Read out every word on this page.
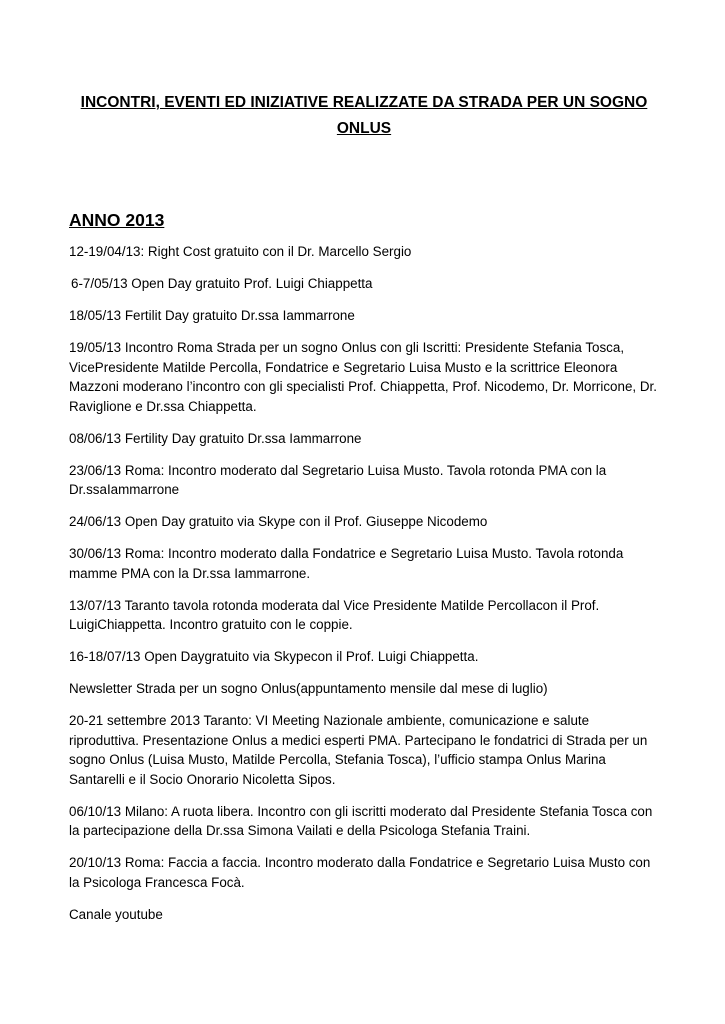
INCONTRI, EVENTI ED INIZIATIVE REALIZZATE DA STRADA PER UN SOGNO ONLUS
ANNO 2013

12-19/04/13: Right Cost gratuito con il Dr. Marcello Sergio

6-7/05/13 Open Day gratuito Prof. Luigi Chiappetta

18/05/13 Fertilit Day gratuito Dr.ssa Iammarrone

19/05/13 Incontro Roma Strada per un sogno Onlus con gli Iscritti: Presidente Stefania Tosca, VicePresidente Matilde Percolla, Fondatrice e Segretario Luisa Musto e la scrittrice Eleonora Mazzoni moderano l’incontro con gli specialisti Prof. Chiappetta, Prof. Nicodemo, Dr. Morricone, Dr. Raviglione e Dr.ssa Chiappetta.

08/06/13 Fertility Day gratuito Dr.ssa Iammarrone

23/06/13 Roma: Incontro moderato dal Segretario Luisa Musto. Tavola rotonda PMA con la Dr.ssaIammarrone

24/06/13 Open Day gratuito via Skype con il Prof. Giuseppe Nicodemo

30/06/13 Roma: Incontro moderato dalla Fondatrice e Segretario Luisa Musto. Tavola rotonda mamme PMA con la Dr.ssa Iammarrone.

13/07/13 Taranto tavola rotonda moderata dal Vice Presidente Matilde Percollacon il Prof. LuigiChiappetta. Incontro gratuito con le coppie.

16-18/07/13 Open Daygratuito via Skypecon il Prof. Luigi Chiappetta.

Newsletter Strada per un sogno Onlus(appuntamento mensile dal mese di luglio)

20-21 settembre 2013 Taranto: VI Meeting Nazionale ambiente, comunicazione e salute riproduttiva. Presentazione Onlus a medici esperti PMA. Partecipano le fondatrici di Strada per un sogno Onlus (Luisa Musto, Matilde Percolla, Stefania Tosca), l’ufficio stampa Onlus Marina Santarelli e il Socio Onorario Nicoletta Sipos.

06/10/13 Milano: A ruota libera. Incontro con gli iscritti moderato dal Presidente Stefania Tosca con la partecipazione della Dr.ssa Simona Vailati e della Psicologa Stefania Traini.

20/10/13 Roma: Faccia a faccia. Incontro moderato dalla Fondatrice e Segretario Luisa Musto con la Psicologa Francesca Focà.

Canale youtube
